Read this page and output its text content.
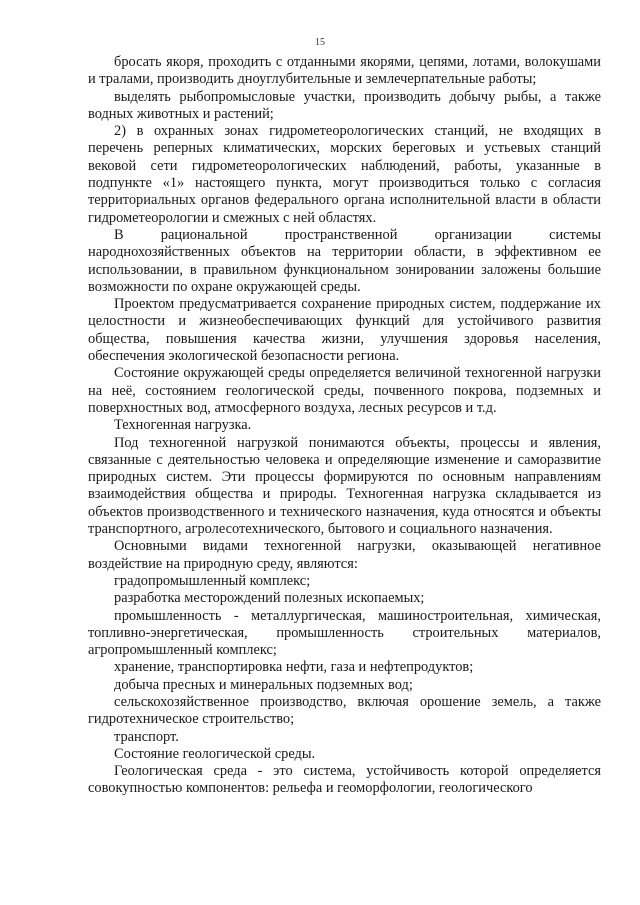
15

бросать якоря, проходить с отданными якорями, цепями, лотами, волокушами и тралами, производить дноуглубительные и землечерпательные работы;

выделять рыбопромысловые участки, производить добычу рыбы, а также водных животных и растений;

2) в охранных зонах гидрометеорологических станций, не входящих в перечень реперных климатических, морских береговых и устьевых станций вековой сети гидрометеорологических наблюдений, работы, указанные в подпункте «1» настоящего пункта, могут производиться только с согласия территориальных органов федерального органа исполнительной власти в области гидрометеорологии и смежных с ней областях.

В рациональной пространственной организации системы народнохозяйственных объектов на территории области, в эффективном ее использовании, в правильном функциональном зонировании заложены большие возможности по охране окружающей среды.

Проектом предусматривается сохранение природных систем, поддержание их целостности и жизнеобеспечивающих функций для устойчивого развития общества, повышения качества жизни, улучшения здоровья населения, обеспечения экологической безопасности региона.

Состояние окружающей среды определяется величиной техногенной нагрузки на неё, состоянием геологической среды, почвенного покрова, подземных и поверхностных вод, атмосферного воздуха, лесных ресурсов и т.д.

Техногенная нагрузка.

Под техногенной нагрузкой понимаются объекты, процессы и явления, связанные с деятельностью человека и определяющие изменение и саморазвитие природных систем. Эти процессы формируются по основным направлениям взаимодействия общества и природы. Техногенная нагрузка складывается из объектов производственного и технического назначения, куда относятся и объекты транспортного, агролесотехнического, бытового и социального назначения.

Основными видами техногенной нагрузки, оказывающей негативное воздействие на природную среду, являются:

градопромышленный комплекс;

разработка месторождений полезных ископаемых;

промышленность - металлургическая, машиностроительная, химическая, топливно-энергетическая, промышленность строительных материалов, агропромышленный комплекс;

хранение, транспортировка нефти, газа и нефтепродуктов;

добыча пресных и минеральных подземных вод;

сельскохозяйственное производство, включая орошение земель, а также гидротехническое строительство;

транспорт.

Состояние геологической среды.

Геологическая среда - это система, устойчивость которой определяется совокупностью компонентов: рельефа и геоморфологии, геологического
